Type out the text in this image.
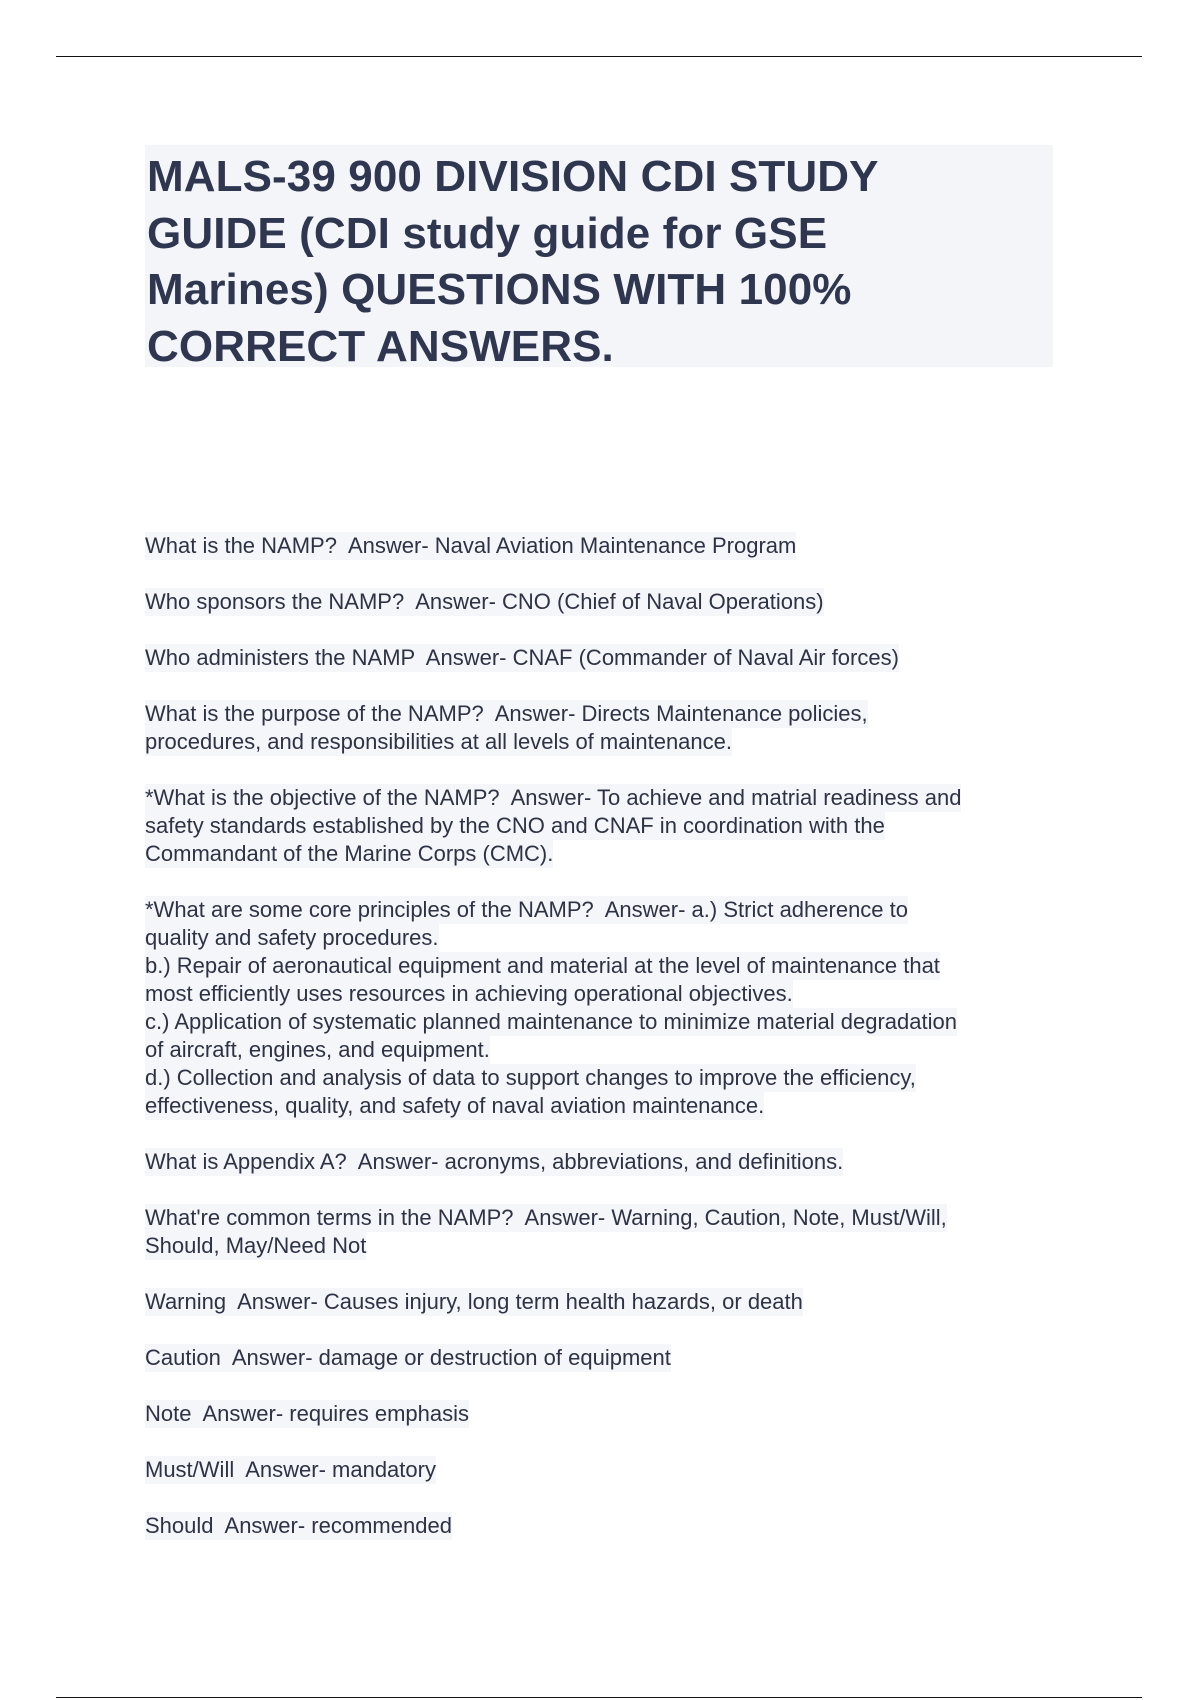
MALS-39 900 DIVISION CDI STUDY
GUIDE (CDI study guide for GSE
Marines) QUESTIONS WITH 100%
CORRECT ANSWERS.
What is the NAMP?  Answer- Naval Aviation Maintenance Program
Who sponsors the NAMP?  Answer- CNO (Chief of Naval Operations)
Who administers the NAMP  Answer- CNAF (Commander of Naval Air forces)
What is the purpose of the NAMP?  Answer- Directs Maintenance policies,
procedures, and responsibilities at all levels of maintenance.
*What is the objective of the NAMP?  Answer- To achieve and matrial readiness and
safety standards established by the CNO and CNAF in coordination with the
Commandant of the Marine Corps (CMC).
*What are some core principles of the NAMP?  Answer- a.) Strict adherence to
quality and safety procedures.
b.) Repair of aeronautical equipment and material at the level of maintenance that
most efficiently uses resources in achieving operational objectives.
c.) Application of systematic planned maintenance to minimize material degradation
of aircraft, engines, and equipment.
d.) Collection and analysis of data to support changes to improve the efficiency,
effectiveness, quality, and safety of naval aviation maintenance.
What is Appendix A?  Answer- acronyms, abbreviations, and definitions.
What're common terms in the NAMP?  Answer- Warning, Caution, Note, Must/Will,
Should, May/Need Not
Warning  Answer- Causes injury, long term health hazards, or death
Caution  Answer- damage or destruction of equipment
Note  Answer- requires emphasis
Must/Will  Answer- mandatory
Should  Answer- recommended
